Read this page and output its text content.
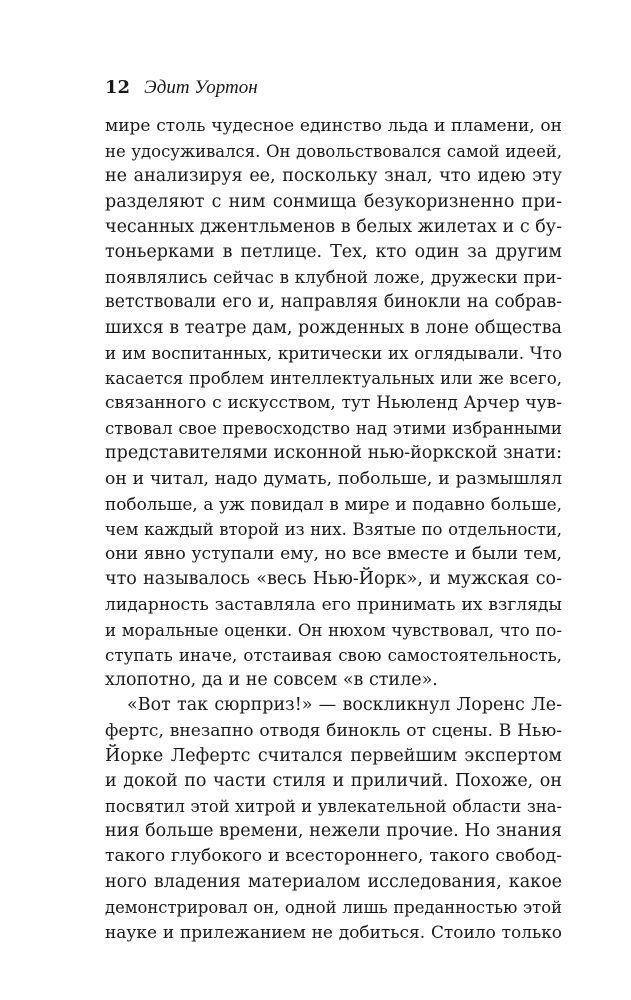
12 Эдит Уортон
мире столь чудесное единство льда и пламени, он
не удосуживался. Он довольствовался самой идеей,
не анализируя ее, поскольку знал, что идею эту
разделяют с ним сонмища безукоризненно при-
чесанных джентльменов в белых жилетах и с бу-
тоньерками в петлице. Тех, кто один за другим
появлялись сейчас в клубной ложе, дружески при-
ветствовали его и, направляя бинокли на собрав-
шихся в театре дам, рожденных в лоне общества
и им воспитанных, критически их оглядывали. Что
касается проблем интеллектуальных или же всего,
связанного с искусством, тут Ньюленд Арчер чув-
ствовал свое превосходство над этими избранными
представителями исконной нью-йоркской знати:
он и читал, надо думать, побольше, и размышлял
побольше, а уж повидал в мире и подавно больше,
чем каждый второй из них. Взятые по отдельности,
они явно уступали ему, но все вместе и были тем,
что называлось «весь Нью-Йорк», и мужская со-
лидарность заставляла его принимать их взгляды
и моральные оценки. Он нюхом чувствовал, что по-
ступать иначе, отстаивая свою самостоятельность,
хлопотно, да и не совсем «в стиле».
«Вот так сюрприз!» — воскликнул Лоренс Ле-
фертс, внезапно отводя бинокль от сцены. В Нью-
Йорке Лефертс считался первейшим экспертом
и докой по части стиля и приличий. Похоже, он
посвятил этой хитрой и увлекательной области зна-
ния больше времени, нежели прочие. Но знания
такого глубокого и всестороннего, такого свобод-
ного владения материалом исследования, какое
демонстрировал он, одной лишь преданностью этой
науке и прилежанием не добиться. Стоило только
